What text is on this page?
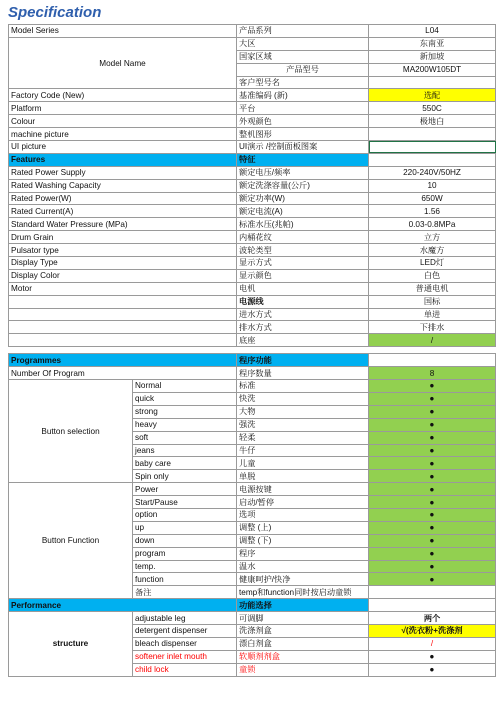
Specification
Model Series		产品系列	L04
Model Name		大区	东南亚
		国家区域	新加坡
		产品型号	MA200W105DT
		客户型号名	
Factory Code (New)		基准编码 (新)	选配
Platform		平台	550C
Colour		外观颜色	极地白
machine picture		整机图形	
UI picture		UI演示 /控制面板图案	
Features		特征	
Rated Power Supply		额定电压/频率	220-240V/50HZ
Rated Washing Capacity		额定洗涤容量(公斤)	10
Rated Power(W)		额定功率(W)	650W
Rated Current(A)		额定电流(A)	1.56
Standard Water Pressure (MPa)		标准水压(兆帕)	0.03-0.8MPa
Drum Grain		内桶花纹	立方
Pulsator type		波轮类型	水魔方
Display Type		显示方式	LED灯
Display Color		显示颜色	白色
Motor		电机	普通电机
		电源线	国标
		进水方式	单进
		排水方式	下排水
		底座	/

Programmes		程序功能	
Number Of Program		程序数量	8
Button selection	Normal	标准	●
	quick	快洗	●
	strong	大物	●
	heavy	强洗	●
	soft	轻柔	●
	jeans	牛仔	●
	baby care	儿童	●
	Spin only	单脱	●
Button Function	Power	电源按键	●
	Start/Pause	启动/暂停	●
	option	选项	●
	up	调整 (上)	●
	down	调整 (下)	●
	program	程序	●
	temp.	温水	●
	function	健康呵护/快净	●
	备注	temp和function同时按启动童锁	
Performance		功能选择	
structure	adjustable leg	可调脚	两个
	detergent dispenser	洗涤剂盒	√(洗衣粉+洗涤剂
	bleach dispenser	漂白剂盒	/
	softener inlet mouth	软顺剂剂盒	●
	child lock	童锁	●
